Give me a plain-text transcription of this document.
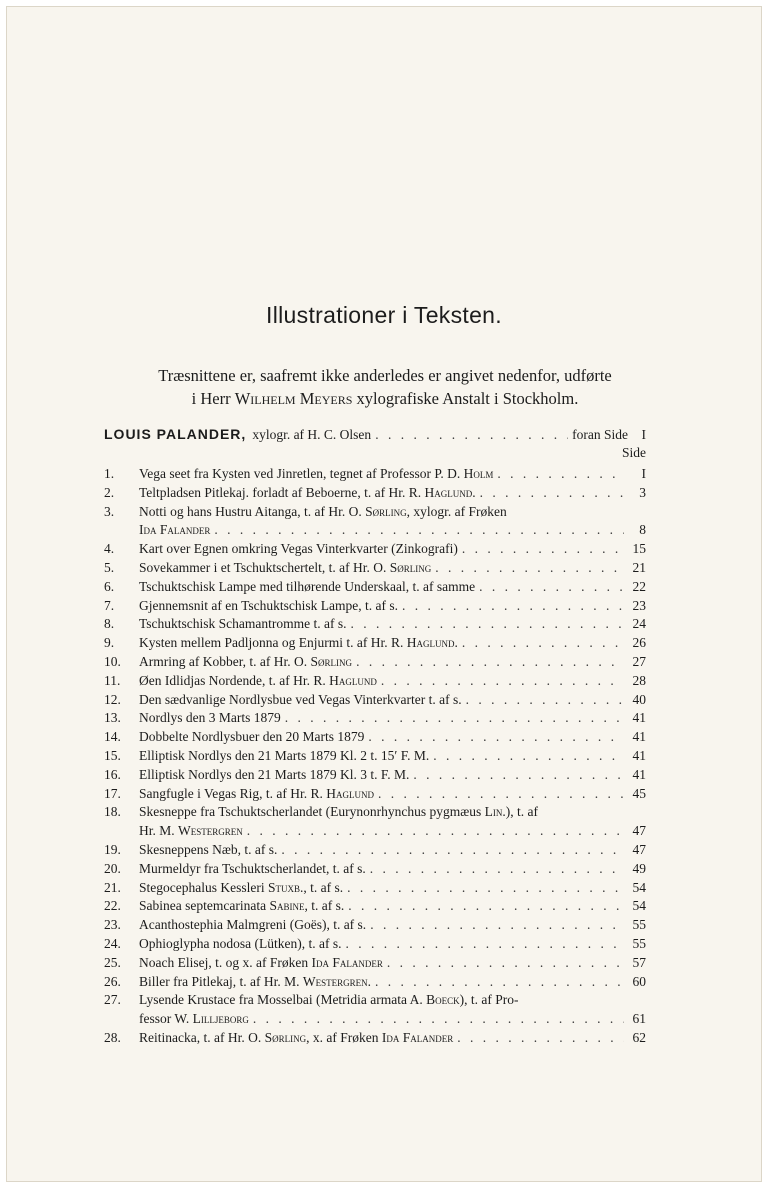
Illustrationer i Teksten.
Træsnittene er, saafremt ikke anderledes er angivet nedenfor, udførte
i Herr Wilhelm Meyers xylografiske Anstalt i Stockholm.
LOUIS PALANDER, xylogr. af H. C. Olsen . . .	foran Side	I
Side
1.	Vega seet fra Kysten ved Jinretlen, tegnet af Professor P. D. Holm . . .	I
2.	Teltpladsen Pitlekaj. forladt af Beboerne, t. af Hr. R. Haglund. . . .	3
3.	Notti og hans Hustru Aitanga, t. af Hr. O. Sørling, xylogr. af Frøken
Ida Falander . . .	8
4.	Kart over Egnen omkring Vegas Vinterkvarter (Zinkografi) . . .	15
5.	Sovekammer i et Tschuktschertelt, t. af Hr. O. Sørling . . .	21
6.	Tschuktschisk Lampe med tilhørende Underskaal, t. af samme . . .	22
7.	Gjennemsnit af en Tschuktschisk Lampe, t. af s. . . .	23
8.	Tschuktschisk Schamantromme t. af s. . . .	24
9.	Kysten mellem Padljonna og Enjurmi t. af Hr. R. Haglund. . . .	26
10.	Armring af Kobber, t. af Hr. O. Sørling . . .	27
11.	Øen Idlidjas Nordende, t. af Hr. R. Haglund . . .	28
12.	Den sædvanlige Nordlysbue ved Vegas Vinterkvarter t. af s. . . .	40
13.	Nordlys den 3 Marts 1879 . . .	41
14.	Dobbelte Nordlysbuer den 20 Marts 1879 . . .	41
15.	Elliptisk Nordlys den 21 Marts 1879 Kl. 2 t. 15′ F. M. . . .	41
16.	Elliptisk Nordlys den 21 Marts 1879 Kl. 3 t. F. M. . . .	41
17.	Sangfugle i Vegas Rig, t. af Hr. R. Haglund . . .	45
18.	Skesneppe fra Tschuktscherlandet (Eurynonrhynchus pygmæus Lin.), t. af
Hr. M. Westergren . . .	47
19.	Skesneppens Næb, t. af s. . . .	47
20.	Murmeldyr fra Tschuktscherlandet, t. af s. . . .	49
21.	Stegocephalus Kessleri Stuxb., t. af s. . . .	54
22.	Sabinea septemcarinata Sabine, t. af s. . . .	54
23.	Acanthostephia Malmgreni (Goës), t. af s. . . .	55
24.	Ophioglypha nodosa (Lütken), t. af s. . . .	55
25.	Noach Elisej, t. og x. af Frøken Ida Falander . . .	57
26.	Biller fra Pitlekaj, t. af Hr. M. Westergren. . . .	60
27.	Lysende Krustace fra Mosselbai (Metridia armata A. Boeck), t. af Pro-
fessor W. Lilljeborg . . .	61
28.	Reitinacka, t. af Hr. O. Sørling, x. af Frøken Ida Falander . . .	62
